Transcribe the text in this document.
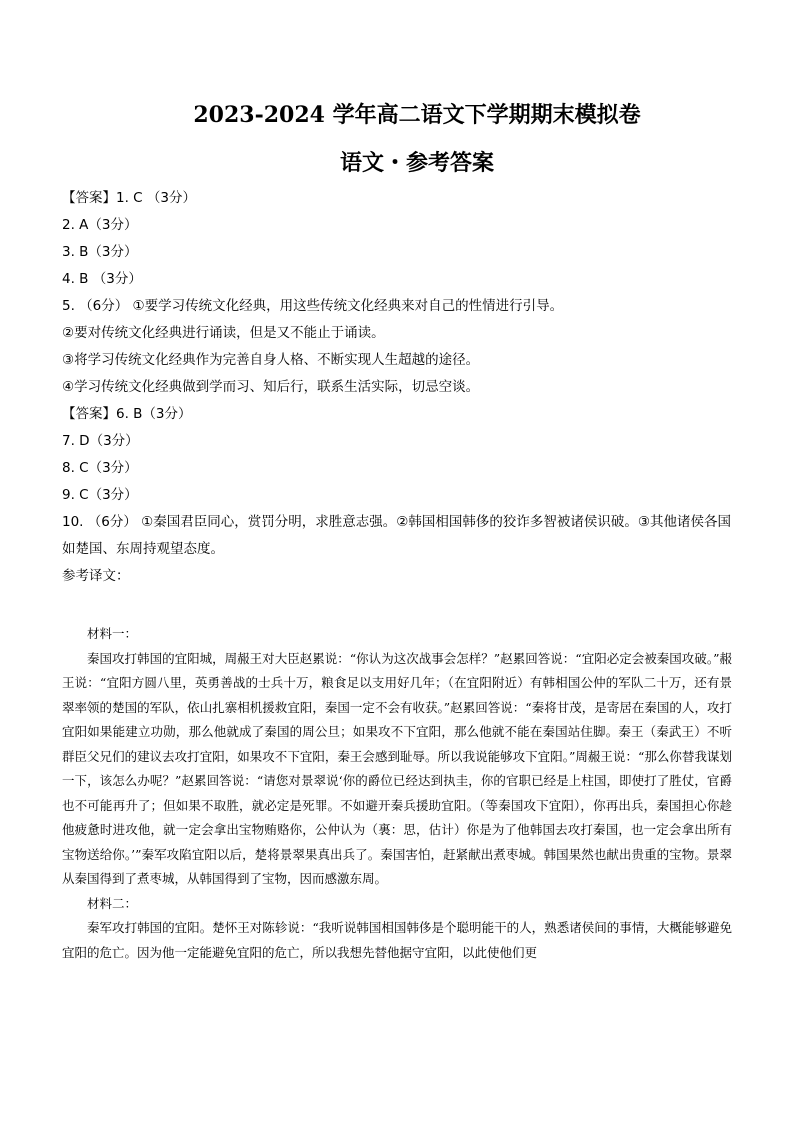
2023-2024 学年高二语文下学期期末模拟卷
语文・参考答案
【答案】1. C （3分）
2. A（3分）
3. B（3分）
4. B （3分）
5. （6分） ①要学习传统文化经典，用这些传统文化经典来对自己的性情进行引导。
②要对传统文化经典进行诵读，但是又不能止于诵读。
③将学习传统文化经典作为完善自身人格、不断实现人生超越的途径。
④学习传统文化经典做到学而习、知后行，联系生活实际，切忌空谈。
【答案】6. B（3分）
7. D（3分）
8. C（3分）
9. C（3分）
10. （6分） ①秦国君臣同心，赏罚分明，求胜意志强。②韩国相国韩侈的狡诈多智被诸侯识破。③其他诸侯各国如楚国、东周持观望态度。
参考译文：

材料一：

秦国攻打韩国的宜阳城，周赧王对大臣赵累说：“你认为这次战事会怎样？”赵累回答说：“宜阳必定会被秦国攻破。”赧王说：“宜阳方圆八里，英勇善战的士兵十万，粮食足以支用好几年；（在宜阳附近）有韩相国公仲的军队二十万，还有景翠率领的楚国的军队，依山扎寨相机援救宜阳，秦国一定不会有收获。”赵累回答说：“秦将甘茂，是寄居在秦国的人，攻打宜阳如果能建立功勋，那么他就成了秦国的周公旦；如果攻不下宜阳，那么他就不能在秦国站住脚。秦王（秦武王）不听群臣父兄们的建议去攻打宜阳，如果攻不下宜阳，秦王会感到耻辱。所以我说能够攻下宜阳。”周赧王说：“那么你替我谋划一下，该怎么办呢？”赵累回答说：“请您对景翠说‘你的爵位已经达到执圭，你的官职已经是上柱国，即使打了胜仗，官爵也不可能再升了；但如果不取胜，就必定是死罪。不如避开秦兵援助宜阳。（等秦国攻下宜阳），你再出兵，秦国担心你趁他疲惫时进攻他，就一定会拿出宝物贿赂你，公仲认为（裏：思，估计）你是为了他韩国去攻打秦国，也一定会拿出所有宝物送给你。’”秦军攻陷宜阳以后，楚将景翠果真出兵了。秦国害怕，赶紧献出煮枣城。韩国果然也献出贵重的宝物。景翠从秦国得到了煮枣城，从韩国得到了宝物，因而感激东周。

材料二：

秦军攻打韩国的宜阳。楚怀王对陈轸说：“我听说韩国相国韩侈是个聪明能干的人，熟悉诸侯间的事情，大概能够避免宜阳的危亡。因为他一定能避免宜阳的危亡，所以我想先替他据守宜阳，以此使他们更
